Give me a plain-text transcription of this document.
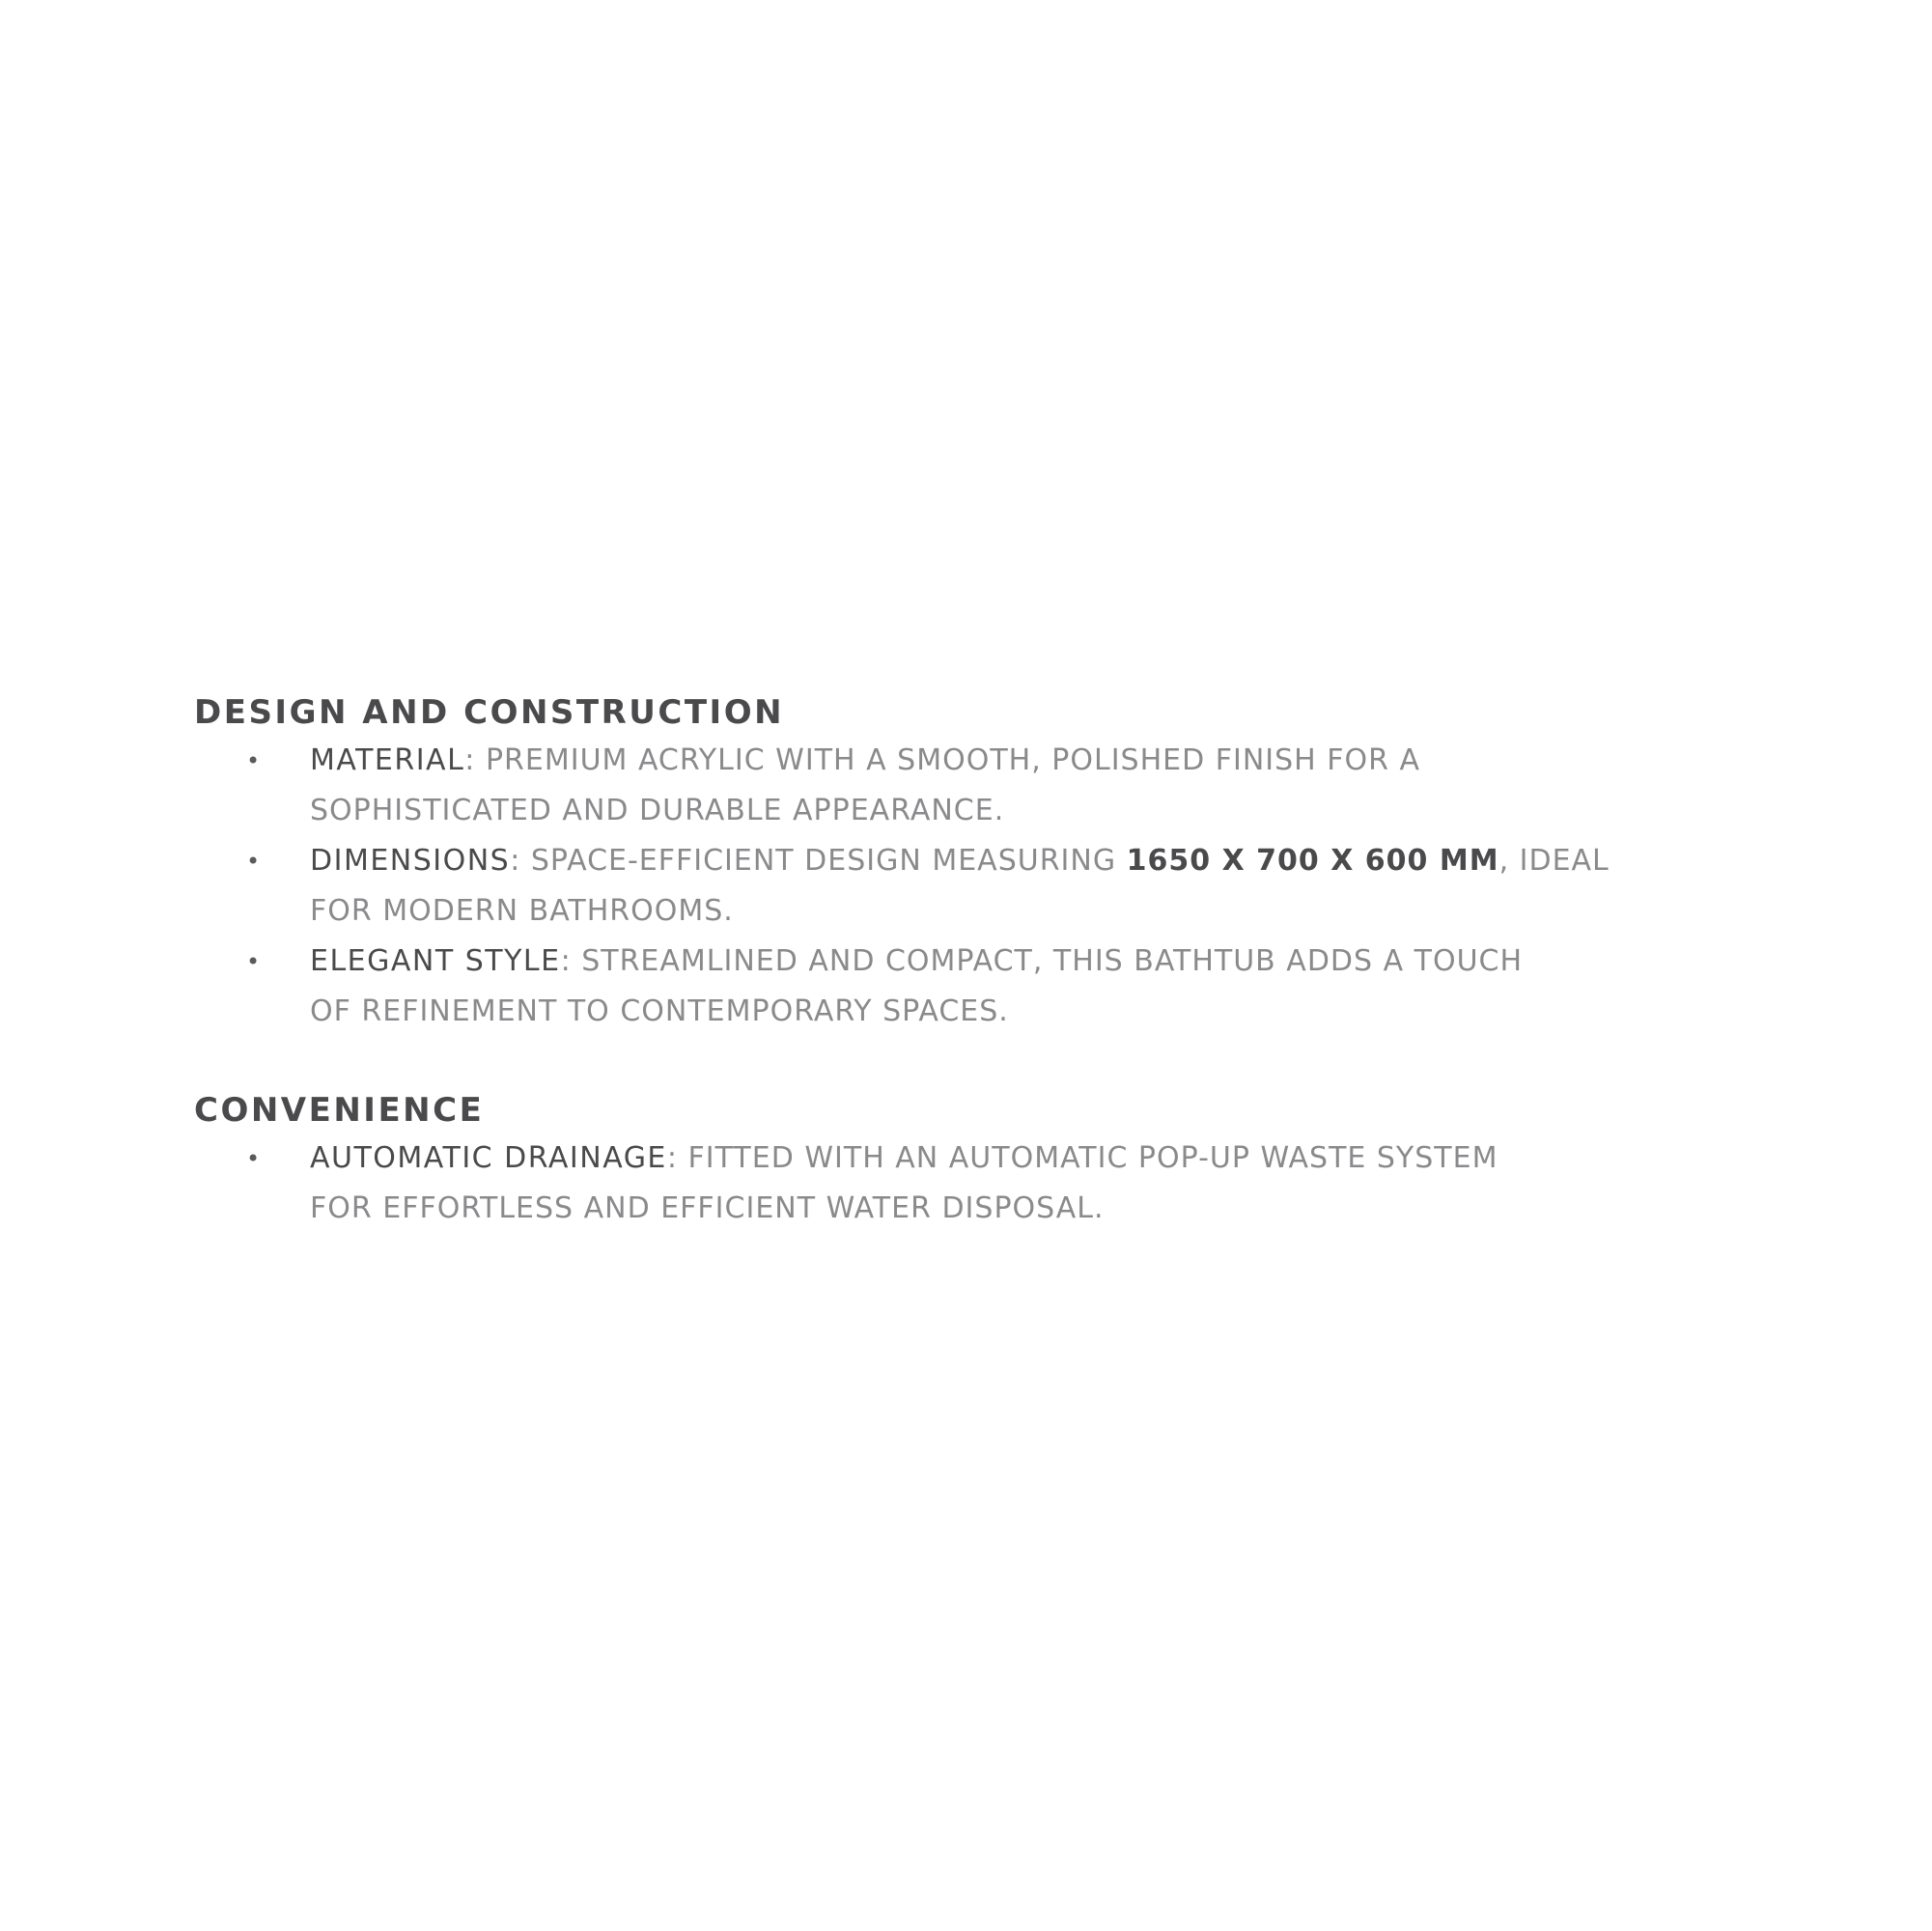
DESIGN AND CONSTRUCTION
• MATERIAL: PREMIUM ACRYLIC WITH A SMOOTH, POLISHED FINISH FOR A
SOPHISTICATED AND DURABLE APPEARANCE.
• DIMENSIONS: SPACE-EFFICIENT DESIGN MEASURING 1650 X 700 X 600 MM, IDEAL
FOR MODERN BATHROOMS.
• ELEGANT STYLE: STREAMLINED AND COMPACT, THIS BATHTUB ADDS A TOUCH
OF REFINEMENT TO CONTEMPORARY SPACES.
CONVENIENCE
• AUTOMATIC DRAINAGE: FITTED WITH AN AUTOMATIC POP-UP WASTE SYSTEM
FOR EFFORTLESS AND EFFICIENT WATER DISPOSAL.
